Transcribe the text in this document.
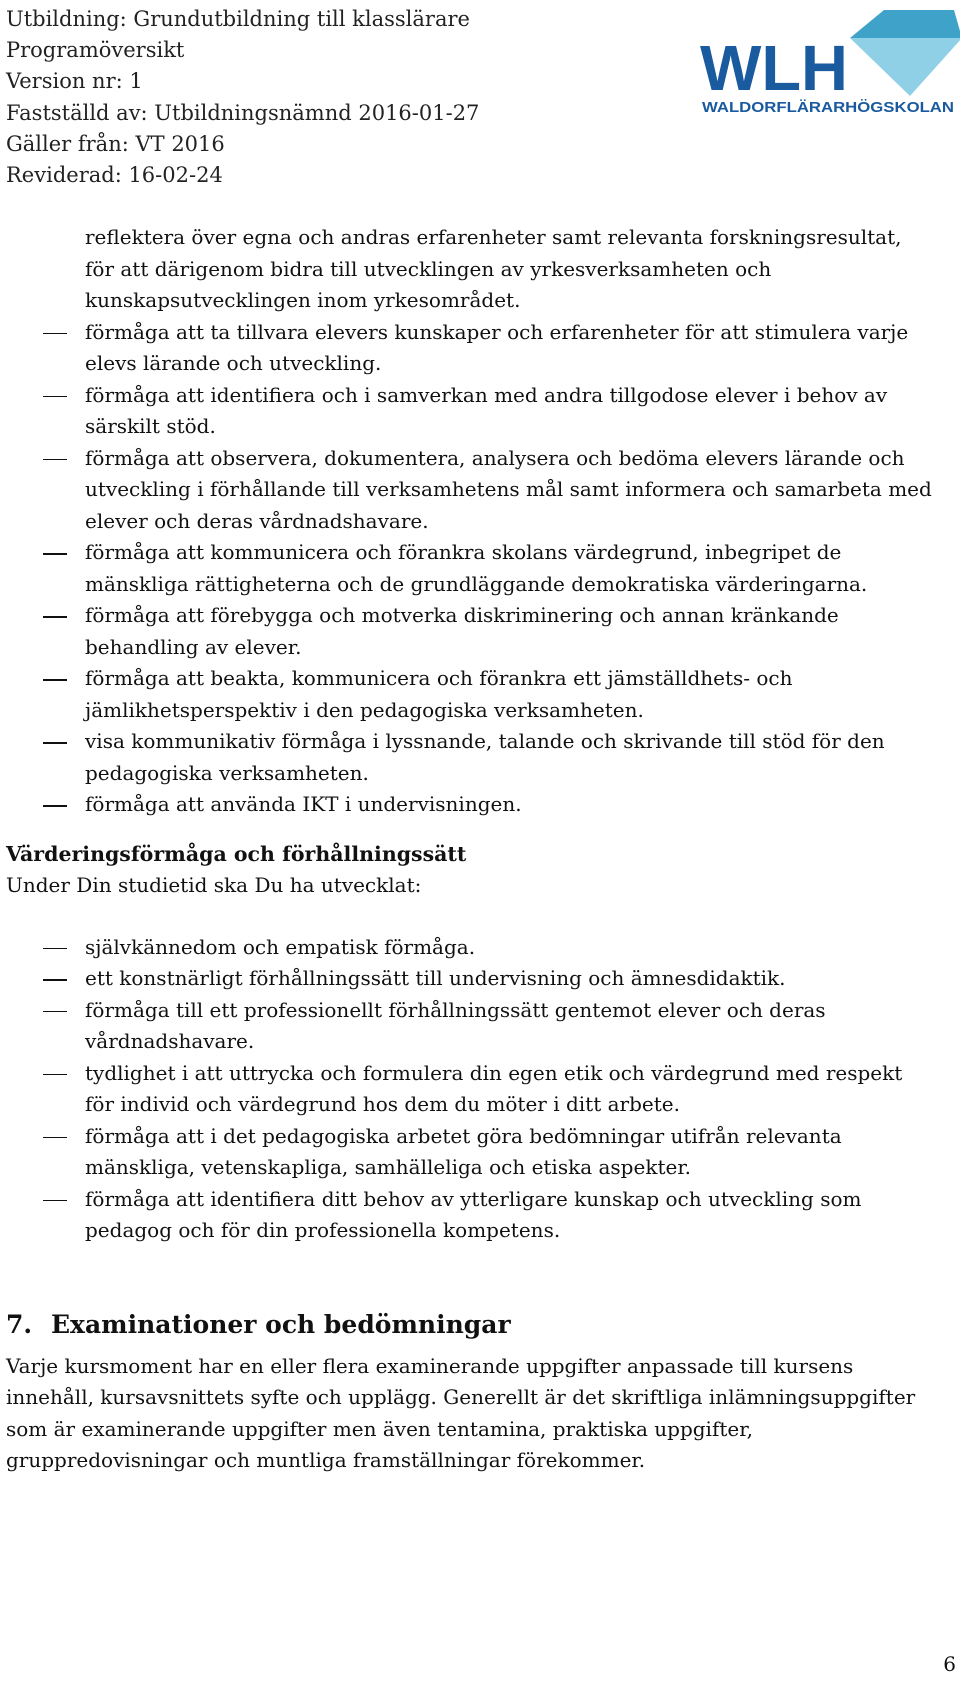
Utbildning: Grundutbildning till klasslärare
Programöversikt
Version nr: 1
Fastställd av: Utbildningsnämnd 2016-01-27
Gäller från: VT 2016
Reviderad: 16-02-24
WLH
WALDORFLÄRARHÖGSKOLAN
reflektera över egna och andras erfarenheter samt relevanta forskningsresultat, för att därigenom bidra till utvecklingen av yrkesverksamheten och kunskapsutvecklingen inom yrkesområdet.
förmåga att ta tillvara elevers kunskaper och erfarenheter för att stimulera varje elevs lärande och utveckling.
förmåga att identifiera och i samverkan med andra tillgodose elever i behov av särskilt stöd.
förmåga att observera, dokumentera, analysera och bedöma elevers lärande och utveckling i förhållande till verksamhetens mål samt informera och samarbeta med elever och deras vårdnadshavare.
förmåga att kommunicera och förankra skolans värdegrund, inbegripet de mänskliga rättigheterna och de grundläggande demokratiska värderingarna.
förmåga att förebygga och motverka diskriminering och annan kränkande behandling av elever.
förmåga att beakta, kommunicera och förankra ett jämställdhets- och jämlikhetsperspektiv i den pedagogiska verksamheten.
visa kommunikativ förmåga i lyssnande, talande och skrivande till stöd för den pedagogiska verksamheten.
förmåga att använda IKT i undervisningen.
Värderingsförmåga och förhållningssätt
Under Din studietid ska Du ha utvecklat:
självkännedom och empatisk förmåga.
ett konstnärligt förhållningssätt till undervisning och ämnesdidaktik.
förmåga till ett professionellt förhållningssätt gentemot elever och deras vårdnadshavare.
tydlighet i att uttrycka och formulera din egen etik och värdegrund med respekt för individ och värdegrund hos dem du möter i ditt arbete.
förmåga att i det pedagogiska arbetet göra bedömningar utifrån relevanta mänskliga, vetenskapliga, samhälleliga och etiska aspekter.
förmåga att identifiera ditt behov av ytterligare kunskap och utveckling som pedagog och för din professionella kompetens.
7. Examinationer och bedömningar
Varje kursmoment har en eller flera examinerande uppgifter anpassade till kursens innehåll, kursavsnittets syfte och upplägg. Generellt är det skriftliga inlämningsuppgifter som är examinerande uppgifter men även tentamina, praktiska uppgifter, gruppredovisningar och muntliga framställningar förekommer.
6
